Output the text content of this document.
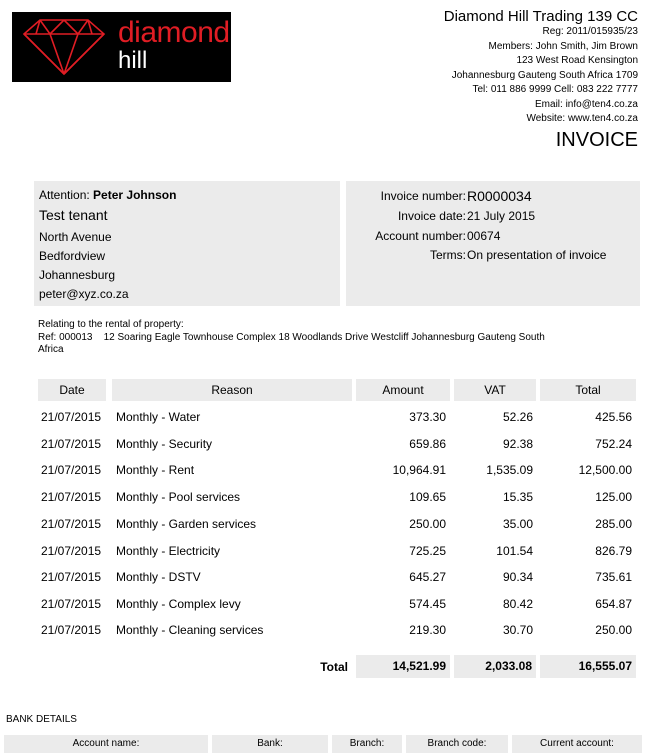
diamond
hill
Diamond Hill Trading 139 CC
Reg: 2011/015935/23
Members: John Smith, Jim Brown
123 West Road Kensington
Johannesburg Gauteng South Africa 1709
Tel: 011 886 9999 Cell: 083 222 7777
Email: info@ten4.co.za
Website: www.ten4.co.za
INVOICE
Attention: Peter Johnson
Test tenant
North Avenue
Bedfordview
Johannesburg
peter@xyz.co.za
Invoice number: R0000034
Invoice date: 21 July 2015
Account number: 00674
Terms: On presentation of invoice
Relating to the rental of property:
Ref: 000013    12 Soaring Eagle Townhouse Complex 18 Woodlands Drive Westcliff Johannesburg Gauteng South
Africa
Date	Reason	Amount	VAT	Total
21/07/2015 Monthly - Water	373.30	52.26	425.56
21/07/2015 Monthly - Security	659.86	92.38	752.24
21/07/2015 Monthly - Rent	10,964.91	1,535.09	12,500.00
21/07/2015 Monthly - Pool services	109.65	15.35	125.00
21/07/2015 Monthly - Garden services	250.00	35.00	285.00
21/07/2015 Monthly - Electricity	725.25	101.54	826.79
21/07/2015 Monthly - DSTV	645.27	90.34	735.61
21/07/2015 Monthly - Complex levy	574.45	80.42	654.87
21/07/2015 Monthly - Cleaning services	219.30	30.70	250.00
Total	14,521.99	2,033.08	16,555.07
BANK DETAILS
Account name:	Bank:	Branch:	Branch code:	Current account:
